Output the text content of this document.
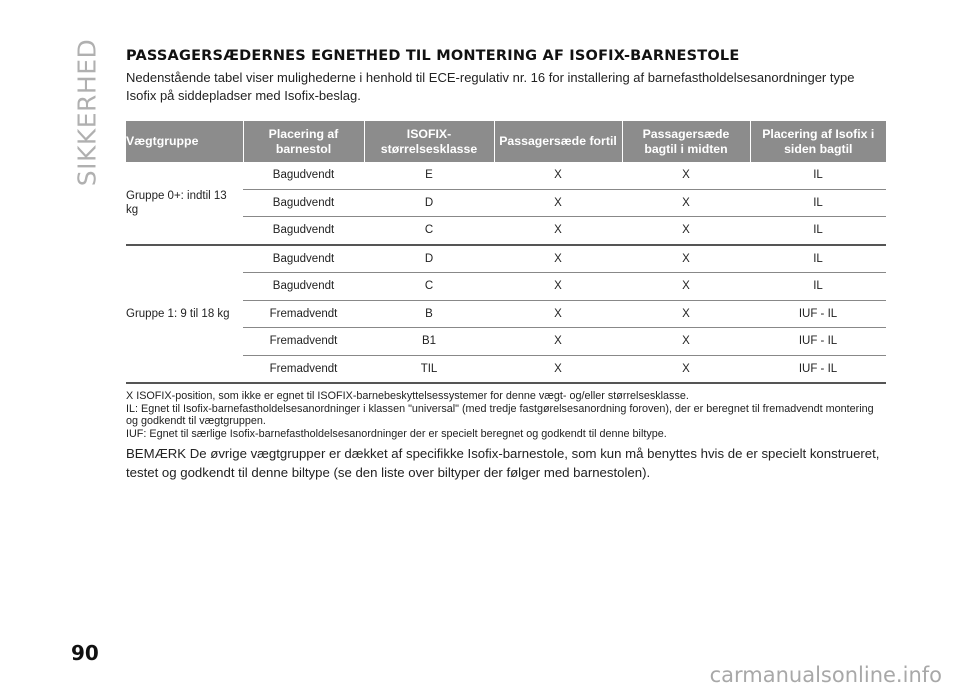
SIKKERHED PASSAGERSÆDERNES EGNETHED TIL MONTERING AF ISOFIX-BARNESTOLE

Nedenstående tabel viser mulighederne i henhold til ECE-regulativ nr. 16 for installering af barnefastholdelsesanordninger type Isofix på siddepladser med Isofix-beslag.

Vægtgruppe	Placering af barnestol	ISOFIX-størrelsesklasse	Passagersæde fortil	Passagersæde bagtil i midten	Placering af Isofix i siden bagtil
Gruppe 0+: indtil 13 kg	Bagudvendt	E	X	X	IL
	Bagudvendt	D	X	X	IL
	Bagudvendt	C	X	X	IL
Gruppe 1: 9 til 18 kg	Bagudvendt	D	X	X	IL
	Bagudvendt	C	X	X	IL
	Fremadvendt	B	X	X	IUF - IL
	Fremadvendt	B1	X	X	IUF - IL
	Fremadvendt	TIL	X	X	IUF - IL

X ISOFIX-position, som ikke er egnet til ISOFIX-barnebeskyttelsessystemer for denne vægt- og/eller størrelsesklasse.

IL: Egnet til Isofix-barnefastholdelsesanordninger i klassen "universal" (med tredje fastgørelsesanordning foroven), der er beregnet til fremadvendt montering og godkendt til vægtgruppen.

IUF: Egnet til særlige Isofix-barnefastholdelsesanordninger der er specielt beregnet og godkendt til denne biltype.

BEMÆRK De øvrige vægtgrupper er dækket af specifikke Isofix-barnestole, som kun må benyttes hvis de er specielt konstrueret, testet og godkendt til denne biltype (se den liste over biltyper der følger med barnestolen).

90
carmanualsonline.info
